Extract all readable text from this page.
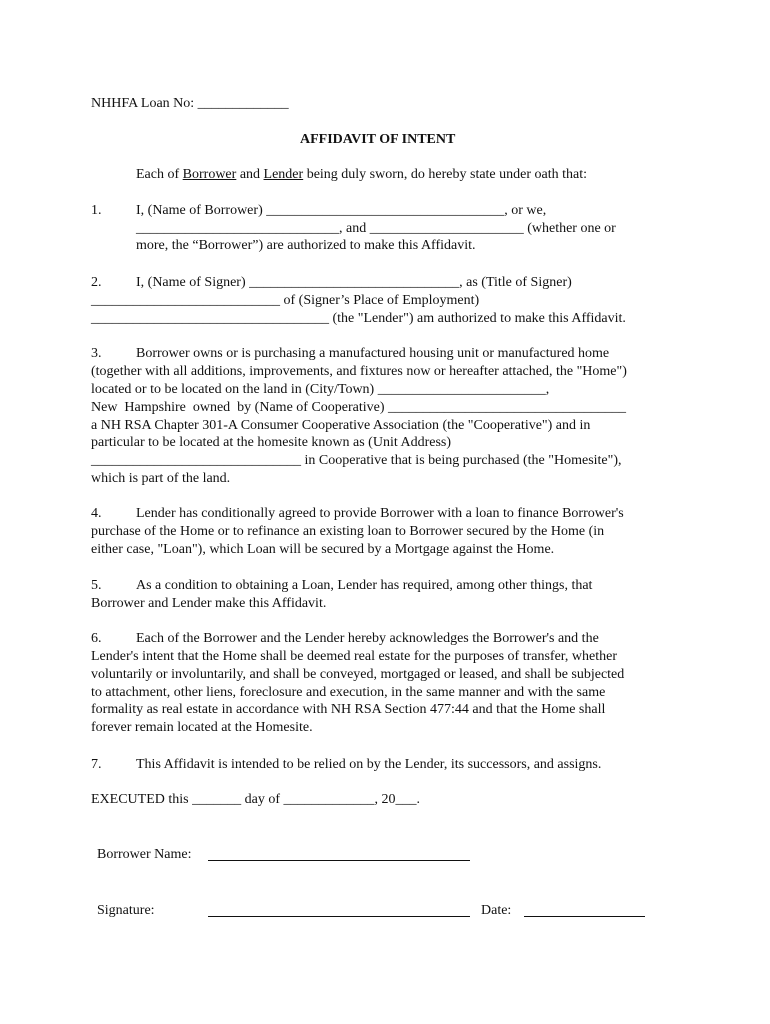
NHHFA Loan No: _____________
AFFIDAVIT OF INTENT
Each of Borrower and Lender being duly sworn, do hereby state under oath that:
1. I, (Name of Borrower) __________________________________, or we,
_____________________________, and ______________________ (whether one or
more, the “Borrower”) are authorized to make this Affidavit.
2. I, (Name of Signer) ______________________________, as (Title of Signer)
___________________________ of (Signer’s Place of Employment)
__________________________________ (the "Lender") am authorized to make this Affidavit.
3. Borrower owns or is purchasing a manufactured housing unit or manufactured home
(together with all additions, improvements, and fixtures now or hereafter attached, the "Home")
located or to be located on the land in (City/Town) ________________________,
New  Hampshire  owned  by (Name of Cooperative) __________________________________
a NH RSA Chapter 301-A Consumer Cooperative Association (the "Cooperative") and in
particular to be located at the homesite known as (Unit Address)
______________________________ in Cooperative that is being purchased (the "Homesite"),
which is part of the land.
4. Lender has conditionally agreed to provide Borrower with a loan to finance Borrower's
purchase of the Home or to refinance an existing loan to Borrower secured by the Home (in
either case, "Loan"), which Loan will be secured by a Mortgage against the Home.
5. As a condition to obtaining a Loan, Lender has required, among other things, that
Borrower and Lender make this Affidavit.
6. Each of the Borrower and the Lender hereby acknowledges the Borrower's and the
Lender's intent that the Home shall be deemed real estate for the purposes of transfer, whether
voluntarily or involuntarily, and shall be conveyed, mortgaged or leased, and shall be subjected
to attachment, other liens, foreclosure and execution, in the same manner and with the same
formality as real estate in accordance with NH RSA Section 477:44 and that the Home shall
forever remain located at the Homesite.
7. This Affidavit is intended to be relied on by the Lender, its successors, and assigns.
EXECUTED this _______ day of _____________, 20___.
Borrower Name:
Signature:	Date:
